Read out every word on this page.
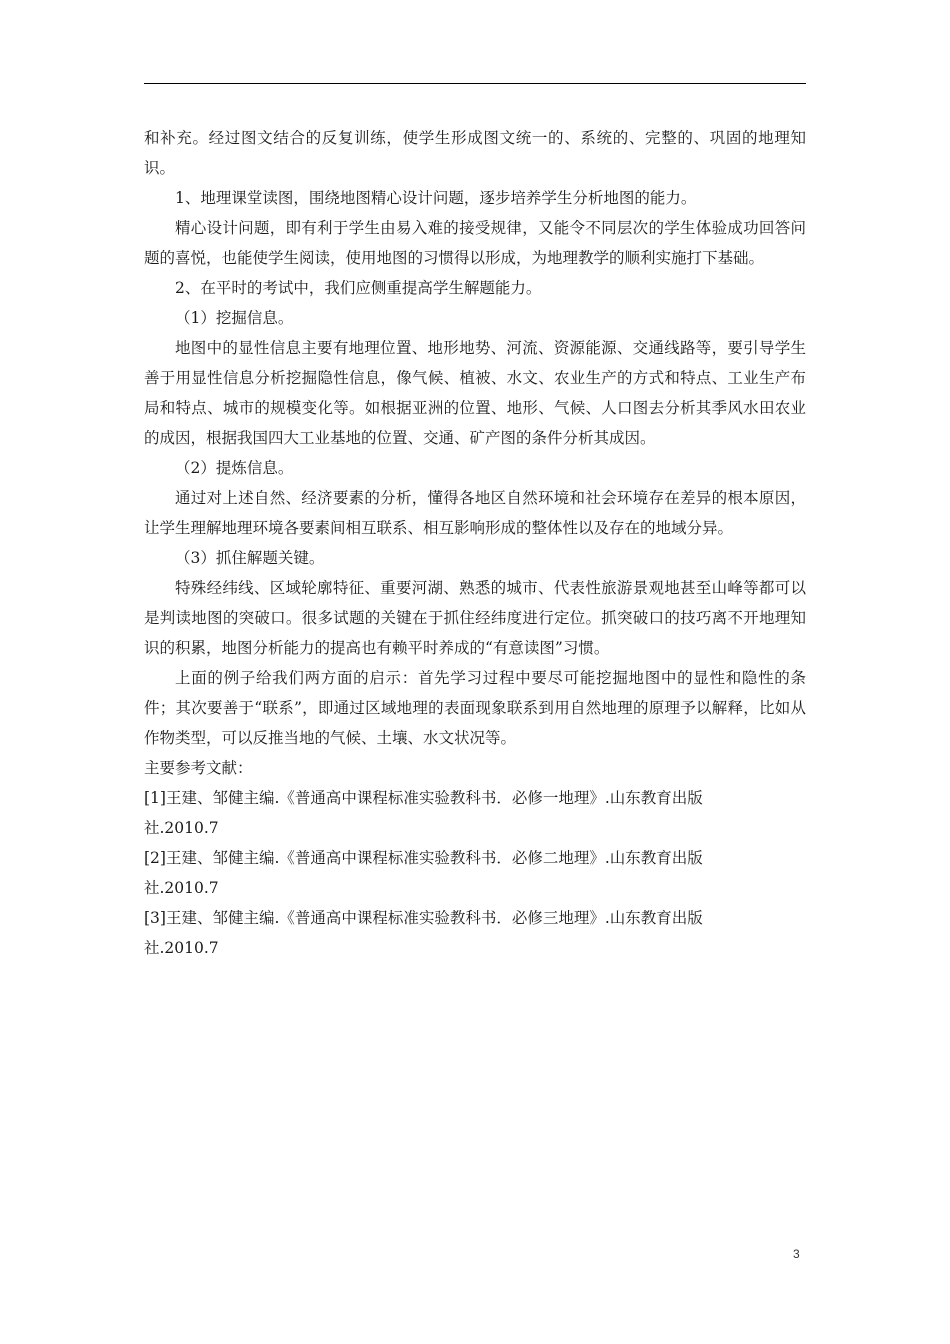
和补充。经过图文结合的反复训练，使学生形成图文统一的、系统的、完整的、巩固的地理知识。

1、地理课堂读图，围绕地图精心设计问题，逐步培养学生分析地图的能力。

精心设计问题，即有利于学生由易入难的接受规律，又能令不同层次的学生体验成功回答问题的喜悦，也能使学生阅读，使用地图的习惯得以形成，为地理教学的顺利实施打下基础。

2、在平时的考试中，我们应侧重提高学生解题能力。

（1）挖掘信息。

地图中的显性信息主要有地理位置、地形地势、河流、资源能源、交通线路等，要引导学生善于用显性信息分析挖掘隐性信息，像气候、植被、水文、农业生产的方式和特点、工业生产布局和特点、城市的规模变化等。如根据亚洲的位置、地形、气候、人口图去分析其季风水田农业的成因，根据我国四大工业基地的位置、交通、矿产图的条件分析其成因。

（2）提炼信息。

通过对上述自然、经济要素的分析，懂得各地区自然环境和社会环境存在差异的根本原因，让学生理解地理环境各要素间相互联系、相互影响形成的整体性以及存在的地域分异。

（3）抓住解题关键。

特殊经纬线、区域轮廓特征、重要河湖、熟悉的城市、代表性旅游景观地甚至山峰等都可以是判读地图的突破口。很多试题的关键在于抓住经纬度进行定位。抓突破口的技巧离不开地理知识的积累，地图分析能力的提高也有赖平时养成的“有意读图”习惯。

上面的例子给我们两方面的启示：首先学习过程中要尽可能挖掘地图中的显性和隐性的条件；其次要善于“联系”，即通过区域地理的表面现象联系到用自然地理的原理予以解释，比如从作物类型，可以反推当地的气候、土壤、水文状况等。

主要参考文献：

[1]王建、邹健主编.《普通高中课程标准实验教科书．必修一地理》.山东教育出版

社.2010.7

[2]王建、邹健主编.《普通高中课程标准实验教科书．必修二地理》.山东教育出版

社.2010.7

[3]王建、邹健主编.《普通高中课程标准实验教科书．必修三地理》.山东教育出版

社.2010.7

3
